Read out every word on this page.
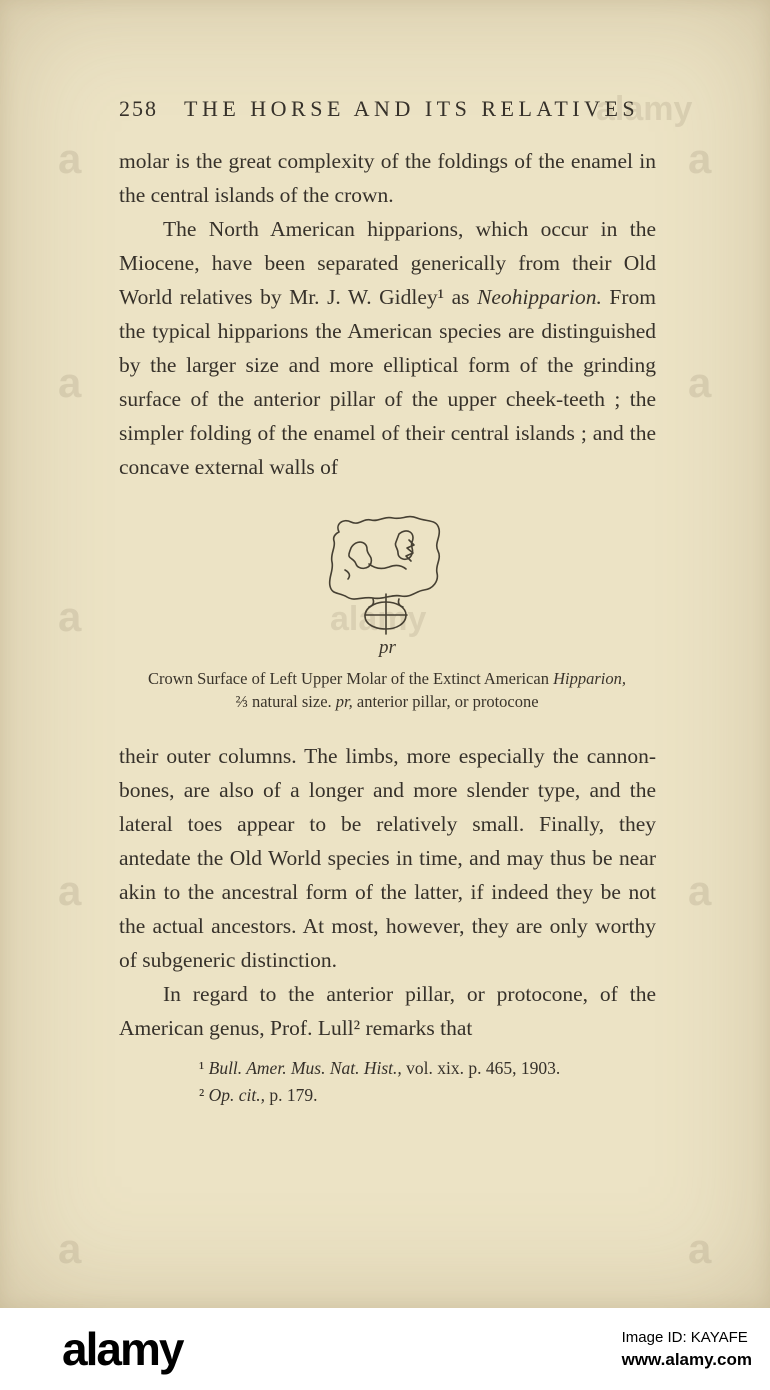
a	a
alamy
a	a
a	alamy
a	a
a	a
258 THE HORSE AND ITS RELATIVES

molar is the great complexity of the foldings of the enamel in the central islands of the crown.

The North American hipparions, which occur in the Miocene, have been separated generically from their Old World relatives by Mr. J. W. Gidley¹ as Neohipparion. From the typical hipparions the American species are distinguished by the larger size and more elliptical form of the grinding surface of the anterior pillar of the upper cheek-teeth ; the simpler folding of the enamel of their central islands ; and the concave external walls of

pr
Crown Surface of Left Upper Molar of the Extinct American Hipparion,
⅔ natural size. pr, anterior pillar, or protocone

their outer columns. The limbs, more especially the cannon-bones, are also of a longer and more slender type, and the lateral toes appear to be relatively small. Finally, they antedate the Old World species in time, and may thus be near akin to the ancestral form of the latter, if indeed they be not the actual ancestors. At most, however, they are only worthy of subgeneric distinction.

In regard to the anterior pillar, or protocone, of the American genus, Prof. Lull² remarks that

¹ Bull. Amer. Mus. Nat. Hist., vol. xix. p. 465, 1903.
² Op. cit., p. 179.
alamy	Image ID: KAYAFE
www.alamy.com
